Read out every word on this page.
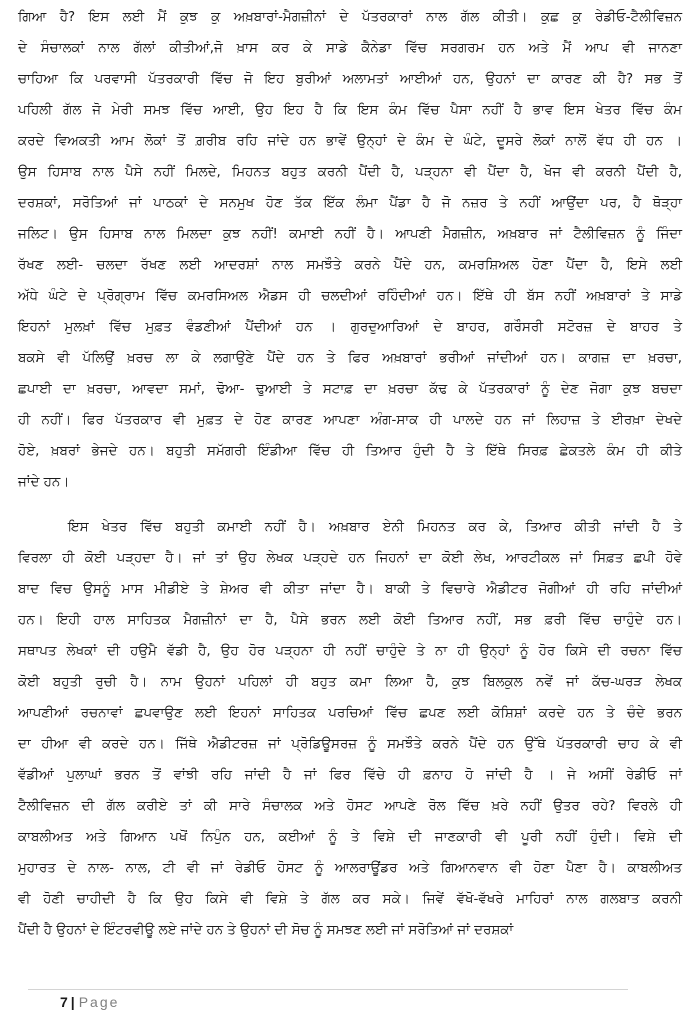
ਗਿਆ ਹੈ? ਇਸ ਲਈ ਮੈਂ ਕੁਝ ਕੁ ਅਖ਼ਬਾਰਾਂ-ਮੈਗਜ਼ੀਨਾਂ ਦੇ ਪੱਤਰਕਾਰਾਂ ਨਾਲ ਗੱਲ ਕੀਤੀ। ਕੁਛ ਕੁ ਰੇਡੀਓ-ਟੈਲੀਵਿਜ਼ਨ
ਦੇ ਸੰਚਾਲਕਾਂ ਨਾਲ ਗੱਲਾਂ ਕੀਤੀਆਂ,ਜੋ ਖ਼ਾਸ ਕਰ ਕੇ ਸਾਡੇ ਕੈਨੇਡਾ ਵਿੱਚ ਸਰਗਰਮ ਹਨ ਅਤੇ ਮੈਂ ਆਪ ਵੀ ਜਾਨਣਾ
ਚਾਹਿਆ ਕਿ ਪਰਵਾਸੀ ਪੱਤਰਕਾਰੀ ਵਿੱਚ ਜੋ ਇਹ ਬੁਰੀਆਂ ਅਲਾਮਤਾਂ ਆਈਆਂ ਹਨ, ਉਹਨਾਂ ਦਾ ਕਾਰਣ ਕੀ ਹੈ? ਸਭ ਤੋਂ
ਪਹਿਲੀ ਗੱਲ ਜੋ ਮੇਰੀ ਸਮਝ ਵਿੱਚ ਆਈ, ਉਹ ਇਹ ਹੈ ਕਿ ਇਸ ਕੰਮ ਵਿੱਚ ਪੈਸਾ ਨਹੀਂ ਹੈ ਭਾਵ ਇਸ ਖੇਤਰ ਵਿੱਚ ਕੰਮ
ਕਰਦੇ ਵਿਅਕਤੀ ਆਮ ਲੋਕਾਂ ਤੋਂ ਗ਼ਰੀਬ ਰਹਿ ਜਾਂਦੇ ਹਨ ਭਾਵੇਂ ਉਨ੍ਹਾਂ ਦੇ ਕੰਮ ਦੇ ਘੰਟੇ, ਦੂਸਰੇ ਲੋਕਾਂ ਨਾਲੋਂ ਵੱਧ ਹੀ ਹਨ ।
ਉਸ ਹਿਸਾਬ ਨਾਲ ਪੈਸੇ ਨਹੀਂ ਮਿਲਦੇ, ਮਿਹਨਤ ਬਹੁਤ ਕਰਨੀ ਪੈਂਦੀ ਹੈ, ਪੜ੍ਹਨਾ ਵੀ ਪੈਂਦਾ ਹੈ, ਖੋਜ ਵੀ ਕਰਨੀ ਪੈਂਦੀ ਹੈ,
ਦਰਸ਼ਕਾਂ, ਸਰੋਤਿਆਂ ਜਾਂ ਪਾਠਕਾਂ ਦੇ ਸਨਮੁਖ ਹੋਣ ਤੱਕ ਇੱਕ ਲੰਮਾ ਪੈਂਡਾ ਹੈ ਜੋ ਨਜ਼ਰ ਤੇ ਨਹੀਂ ਆਉਂਦਾ ਪਰ, ਹੈ ਥੋੜ੍ਹਾ
ਜਲਿਟ। ਉਸ ਹਿਸਾਬ ਨਾਲ ਮਿਲਦਾ ਕੁਝ ਨਹੀਂ! ਕਮਾਈ ਨਹੀਂ ਹੈ। ਆਪਣੀ ਮੈਗਜ਼ੀਨ, ਅਖ਼ਬਾਰ ਜਾਂ ਟੈਲੀਵਿਜ਼ਨ ਨੂੰ ਜਿੰਦਾ
ਰੱਖਣ ਲਈ- ਚਲਦਾ ਰੱਖਣ ਲਈ ਆਦਰਸ਼ਾਂ ਨਾਲ ਸਮਝੌਤੇ ਕਰਨੇ ਪੈਂਦੇ ਹਨ, ਕਮਰਸ਼ਿਅਲ ਹੋਣਾ ਪੈਂਦਾ ਹੈ, ਇਸੇ ਲਈ
ਅੱਧੇ ਘੰਟੇ ਦੇ ਪ੍ਰੋਗ੍ਰਾਮ ਵਿੱਚ ਕਮਰਸਿਅਲ ਐਡਸ ਹੀ ਚਲਦੀਆਂ ਰਹਿੰਦੀਆਂ ਹਨ। ਇੱਥੇ ਹੀ ਬੱਸ ਨਹੀਂ ਅਖ਼ਬਾਰਾਂ ਤੇ ਸਾਡੇ
ਇਹਨਾਂ ਮੁਲਖ਼ਾਂ ਵਿੱਚ ਮੁਫ਼ਤ ਵੰਡਣੀਆਂ ਪੈਂਦੀਆਂ ਹਨ । ਗੁਰਦੁਆਰਿਆਂ ਦੇ ਬਾਹਰ, ਗਰੌਸਰੀ ਸਟੋਰਜ਼ ਦੇ ਬਾਹਰ ਤੇ
ਬਕਸੇ ਵੀ ਪੱਲਿਉਂ ਖ਼ਰਚ ਲਾ ਕੇ ਲਗਾਉਣੇ ਪੈਂਦੇ ਹਨ ਤੇ ਫਿਰ ਅਖ਼ਬਾਰਾਂ ਭਰੀਆਂ ਜਾਂਦੀਆਂ ਹਨ। ਕਾਗਜ਼ ਦਾ ਖ਼ਰਚਾ,
ਛਪਾਈ ਦਾ ਖ਼ਰਚਾ, ਆਵਦਾ ਸਮਾਂ, ਢੋਆ- ਢੁਆਈ ਤੇ ਸਟਾਫ਼ ਦਾ ਖ਼ਰਚਾ ਕੱਢ ਕੇ ਪੱਤਰਕਾਰਾਂ ਨੂੰ ਦੇਣ ਜੋਗਾ ਕੁਝ ਬਚਦਾ
ਹੀ ਨਹੀਂ। ਫਿਰ ਪੱਤਰਕਾਰ ਵੀ ਮੁਫ਼ਤ ਦੇ ਹੋਣ ਕਾਰਣ ਆਪਣਾ ਅੰਗ-ਸਾਕ ਹੀ ਪਾਲਦੇ ਹਨ ਜਾਂ ਲਿਹਾਜ਼ ਤੇ ਈਰਖ਼ਾ ਦੇਖਦੇ
ਹੋਏ, ਖ਼ਬਰਾਂ ਭੇਜਦੇ ਹਨ। ਬਹੁਤੀ ਸਮੱਗਰੀ ਇੰਡੀਆ ਵਿੱਚ ਹੀ ਤਿਆਰ ਹੁੰਦੀ ਹੈ ਤੇ ਇੱਥੇ ਸਿਰਫ਼ ਛੇਕਤਲੇ ਕੰਮ ਹੀ ਕੀਤੇ
ਜਾਂਦੇ ਹਨ।
ਇਸ ਖੇਤਰ ਵਿੱਚ ਬਹੁਤੀ ਕਮਾਈ ਨਹੀਂ ਹੈ। ਅਖ਼ਬਾਰ ਏਨੀ ਮਿਹਨਤ ਕਰ ਕੇ, ਤਿਆਰ ਕੀਤੀ ਜਾਂਦੀ ਹੈ ਤੇ
ਵਿਰਲਾ ਹੀ ਕੋਈ ਪੜ੍ਹਦਾ ਹੈ। ਜਾਂ ਤਾਂ ਉਹ ਲੇਖਕ ਪੜ੍ਹਦੇ ਹਨ ਜਿਹਨਾਂ ਦਾ ਕੋਈ ਲੇਖ, ਆਰਟੀਕਲ ਜਾਂ ਸਿਫ਼ਤ ਛਪੀ ਹੋਵੇ
ਬਾਦ ਵਿਚ ਉਸਨੂੰ ਮਾਸ ਮੀਡੀਏ ਤੇ ਸ਼ੇਅਰ ਵੀ ਕੀਤਾ ਜਾਂਦਾ ਹੈ। ਬਾਕੀ ਤੇ ਵਿਚਾਰੇ ਐਡੀਟਰ ਜੋਗੀਆਂ ਹੀ ਰਹਿ ਜਾਂਦੀਆਂ
ਹਨ। ਇਹੀ ਹਾਲ ਸਾਹਿਤਕ ਮੈਗਜ਼ੀਨਾਂ ਦਾ ਹੈ, ਪੈਸੇ ਭਰਨ ਲਈ ਕੋਈ ਤਿਆਰ ਨਹੀਂ, ਸਭ ਫ਼ਰੀ ਵਿੱਚ ਚਾਹੁੰਦੇ ਹਨ।
ਸਥਾਪਤ ਲੇਖਕਾਂ ਦੀ ਹਉਮੈ ਵੱਡੀ ਹੈ, ਉਹ ਹੋਰ ਪੜ੍ਹਨਾ ਹੀ ਨਹੀਂ ਚਾਹੁੰਦੇ ਤੇ ਨਾ ਹੀ ਉਨ੍ਹਾਂ ਨੂੰ ਹੋਰ ਕਿਸੇ ਦੀ ਰਚਨਾ ਵਿੱਚ
ਕੋਈ ਬਹੁਤੀ ਰੁਚੀ ਹੈ। ਨਾਮ ਉਹਨਾਂ ਪਹਿਲਾਂ ਹੀ ਬਹੁਤ ਕਮਾ ਲਿਆ ਹੈ, ਕੁਝ ਬਿਲਕੁਲ ਨਵੇਂ ਜਾਂ ਕੱਚ-ਘਰੜ ਲੇਖਕ
ਆਪਣੀਆਂ ਰਚਨਾਵਾਂ ਛਪਵਾਉਣ ਲਈ ਇਹਨਾਂ ਸਾਹਿਤਕ ਪਰਚਿਆਂ ਵਿੱਚ ਛਪਣ ਲਈ ਕੋਸ਼ਿਸ਼ਾਂ ਕਰਦੇ ਹਨ ਤੇ ਚੰਦੇ ਭਰਨ
ਦਾ ਹੀਆ ਵੀ ਕਰਦੇ ਹਨ। ਜਿੱਥੇ ਐਡੀਟਰਜ਼ ਜਾਂ ਪ੍ਰੋਡਿਊਸਰਜ਼ ਨੂੰ ਸਮਝੌਤੇ ਕਰਨੇ ਪੈਂਦੇ ਹਨ ਉੱਥੇ ਪੱਤਰਕਾਰੀ ਚਾਹ ਕੇ ਵੀ
ਵੱਡੀਆਂ ਪੁਲਾਘਾਂ ਭਰਨ ਤੋਂ ਵਾਂਝੀ ਰਹਿ ਜਾਂਦੀ ਹੈ ਜਾਂ ਫਿਰ ਵਿੱਚੇ ਹੀ ਫ਼ਨਾਹ ਹੋ ਜਾਂਦੀ ਹੈ । ਜੇ ਅਸੀਂ ਰੇਡੀਓ ਜਾਂ
ਟੈਲੀਵਿਜ਼ਨ ਦੀ ਗੱਲ ਕਰੀਏ ਤਾਂ ਕੀ ਸਾਰੇ ਸੰਚਾਲਕ ਅਤੇ ਹੋਸਟ ਆਪਣੇ ਰੋਲ ਵਿੱਚ ਖ਼ਰੇ ਨਹੀਂ ਉਤਰ ਰਹੇ? ਵਿਰਲੇ ਹੀ
ਕਾਬਲੀਅਤ ਅਤੇ ਗਿਆਨ ਪਖੋਂ ਨਿਪੁੰਨ ਹਨ, ਕਈਆਂ ਨੂੰ ਤੇ ਵਿਸ਼ੇ ਦੀ ਜਾਣਕਾਰੀ ਵੀ ਪੂਰੀ ਨਹੀਂ ਹੁੰਦੀ। ਵਿਸ਼ੇ ਦੀ
ਮੁਹਾਰਤ ਦੇ ਨਾਲ- ਨਾਲ, ਟੀ ਵੀ ਜਾਂ ਰੇਡੀਓ ਹੋਸਟ ਨੂੰ ਆਲਰਾਊਂਡਰ ਅਤੇ ਗਿਆਨਵਾਨ ਵੀ ਹੋਣਾ ਪੈਣਾ ਹੈ। ਕਾਬਲੀਅਤ
ਵੀ ਹੋਣੀ ਚਾਹੀਦੀ ਹੈ ਕਿ ਉਹ ਕਿਸੇ ਵੀ ਵਿਸ਼ੇ ਤੇ ਗੱਲ ਕਰ ਸਕੇ। ਜਿਵੇਂ ਵੱਖੋ-ਵੱਖਰੇ ਮਾਹਿਰਾਂ ਨਾਲ ਗਲਬਾਤ ਕਰਨੀ
ਪੈਂਦੀ ਹੈ ਉਹਨਾਂ ਦੇ ਇੰਟਰਵੀਊ ਲਏ ਜਾਂਦੇ ਹਨ ਤੇ ਉਹਨਾਂ ਦੀ ਸੋਚ ਨੂੰ ਸਮਝਣ ਲਈ ਜਾਂ ਸਰੋਤਿਆਂ ਜਾਂ ਦਰਸ਼ਕਾਂ
7 | Page
